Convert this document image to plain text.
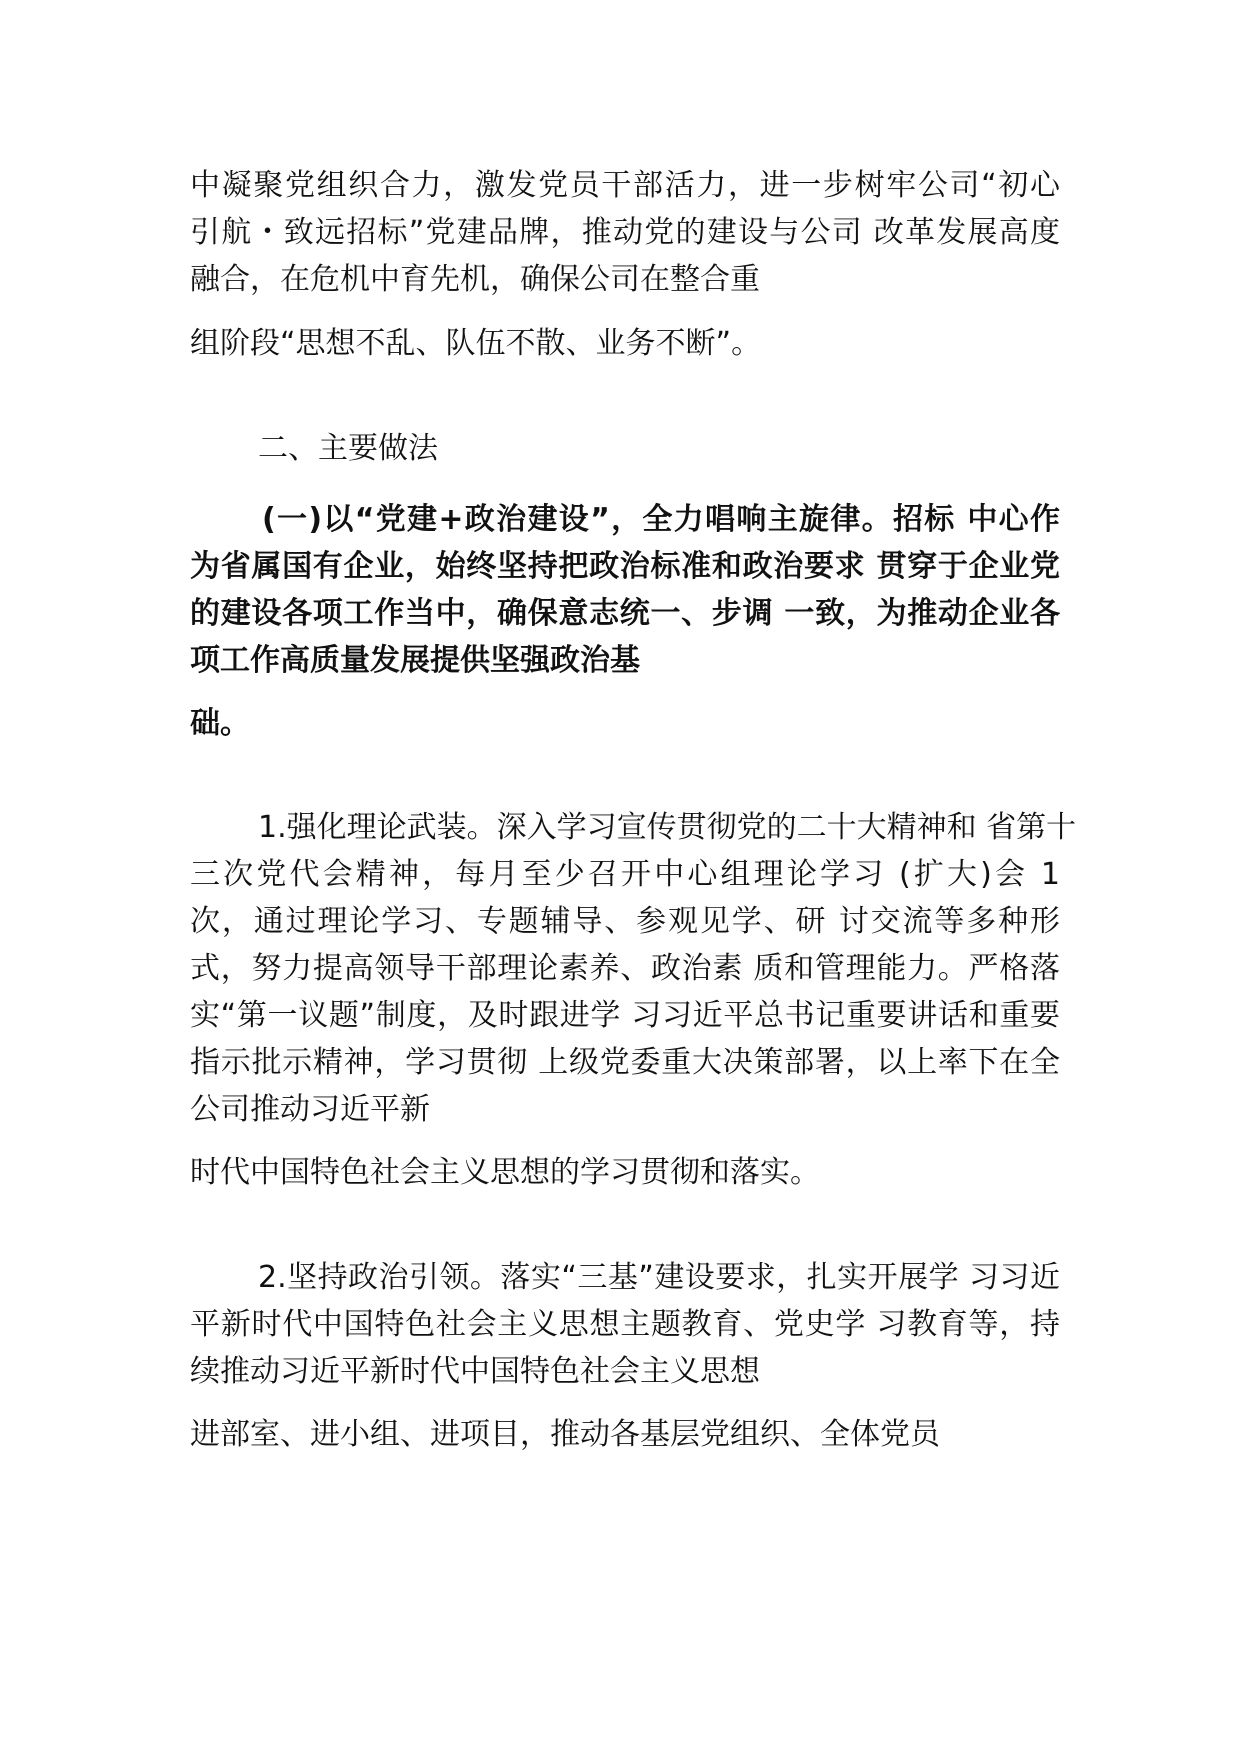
中凝聚党组织合力，激发党员干部活力，进一步树牢公司“初心

引航・致远招标”党建品牌，推动党的建设与公司 改革发展高度

融合，在危机中育先机，确保公司在整合重

组阶段“思想不乱、队伍不散、业务不断”。

二、主要做法

(一)以“党建+政治建设”，全力唱响主旋律。招标 中心作

为省属国有企业，始终坚持把政治标准和政治要求 贯穿于企业党

的建设各项工作当中，确保意志统一、步调 一致，为推动企业各

项工作高质量发展提供坚强政治基

础。

1.强化理论武装。深入学习宣传贯彻党的二十大精神和 省第十

三次党代会精神，每月至少召开中心组理论学习 (扩大)会 1

次，通过理论学习、专题辅导、参观见学、研 讨交流等多种形

式，努力提高领导干部理论素养、政治素 质和管理能力。严格落

实“第一议题”制度，及时跟进学 习习近平总书记重要讲话和重要

指示批示精神，学习贯彻 上级党委重大决策部署，以上率下在全

公司推动习近平新

时代中国特色社会主义思想的学习贯彻和落实。

2.坚持政治引领。落实“三基”建设要求，扎实开展学 习习近

平新时代中国特色社会主义思想主题教育、党史学 习教育等，持

续推动习近平新时代中国特色社会主义思想

进部室、进小组、进项目，推动各基层党组织、全体党员
